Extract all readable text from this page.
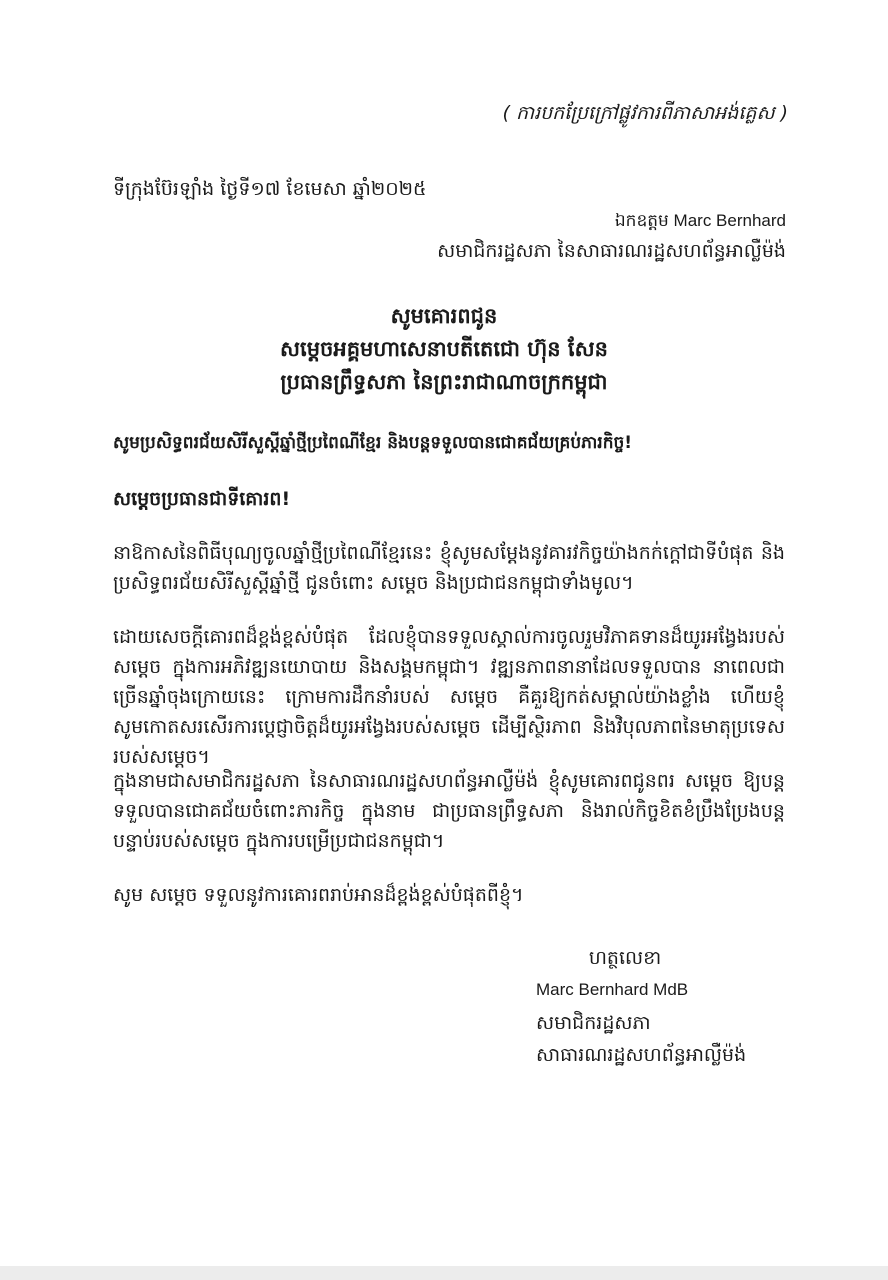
( ការបកប្រែក្រៅផ្លូវការពីភាសាអង់គ្លេស )
ទីក្រុងប៊ែរឡាំង ថ្ងៃទី១៧ ខែមេសា ឆ្នាំ២០២៥
ឯកឧត្តម Marc Bernhard
សមាជិករដ្ឋសភា នៃសាធារណរដ្ឋសហព័ន្ធអាល្លឺម៉ង់
សូមគោរពជូន
សម្តេចអគ្គមហាសេនាបតីតេជោ ហ៊ុន សែន
ប្រធានព្រឹទ្ធសភា នៃព្រះរាជាណាចក្រកម្ពុជា
សូមប្រសិទ្ធពរជ័យសិរីសួស្តីឆ្នាំថ្មីប្រពៃណីខ្មែរ និងបន្តទទួលបានជោគជ័យគ្រប់ភារកិច្ច!
សម្តេចប្រធានជាទីគោរព!
នាឱកាសនៃពិធីបុណ្យចូលឆ្នាំថ្មីប្រពៃណីខ្មែរនេះ ខ្ញុំសូមសម្តែងនូវគារវកិច្ចយ៉ាងកក់ក្តៅជាទីបំផុត និងប្រសិទ្ធពរជ័យសិរីសួស្តីឆ្នាំថ្មី ជូនចំពោះ សម្តេច និងប្រជាជនកម្ពុជាទាំងមូល។
ដោយសេចក្តីគោរពដ៏ខ្ពង់ខ្ពស់បំផុត ដែលខ្ញុំបានទទួលស្គាល់ការចូលរួមវិភាគទានដ៏យូរអង្វែងរបស់ សម្តេច ក្នុងការអភិវឌ្ឍនយោបាយ និងសង្គមកម្ពុជា។ វឌ្ឍនភាពនានាដែលទទួលបាន នាពេលជាច្រើនឆ្នាំចុងក្រោយនេះ ក្រោមការដឹកនាំរបស់ សម្តេច គឺគួរឱ្យកត់សម្គាល់យ៉ាងខ្លាំង ហើយខ្ញុំសូមកោតសរសើរការប្តេជ្ញាចិត្តដ៏យូរអង្វែងរបស់សម្តេច ដើម្បីស្ថិរភាព និងវិបុលភាពនៃមាតុប្រទេសរបស់សម្តេច។
ក្នុងនាមជាសមាជិករដ្ឋសភា នៃសាធារណរដ្ឋសហព័ន្ធអាល្លឺម៉ង់ ខ្ញុំសូមគោរពជូនពរ សម្តេច ឱ្យបន្តទទួលបានជោគជ័យចំពោះភារកិច្ច ក្នុងនាម ជាប្រធានព្រឹទ្ធសភា និងរាល់កិច្ចខិតខំប្រឹងប្រែងបន្តបន្ទាប់របស់សម្តេច ក្នុងការបម្រើប្រជាជនកម្ពុជា។
សូម សម្តេច ទទួលនូវការគោរពរាប់អានដ៏ខ្ពង់ខ្ពស់បំផុតពីខ្ញុំ។
ហត្ថលេខា
Marc Bernhard MdB
សមាជិករដ្ឋសភា
សាធារណរដ្ឋសហព័ន្ធអាល្លឺម៉ង់
